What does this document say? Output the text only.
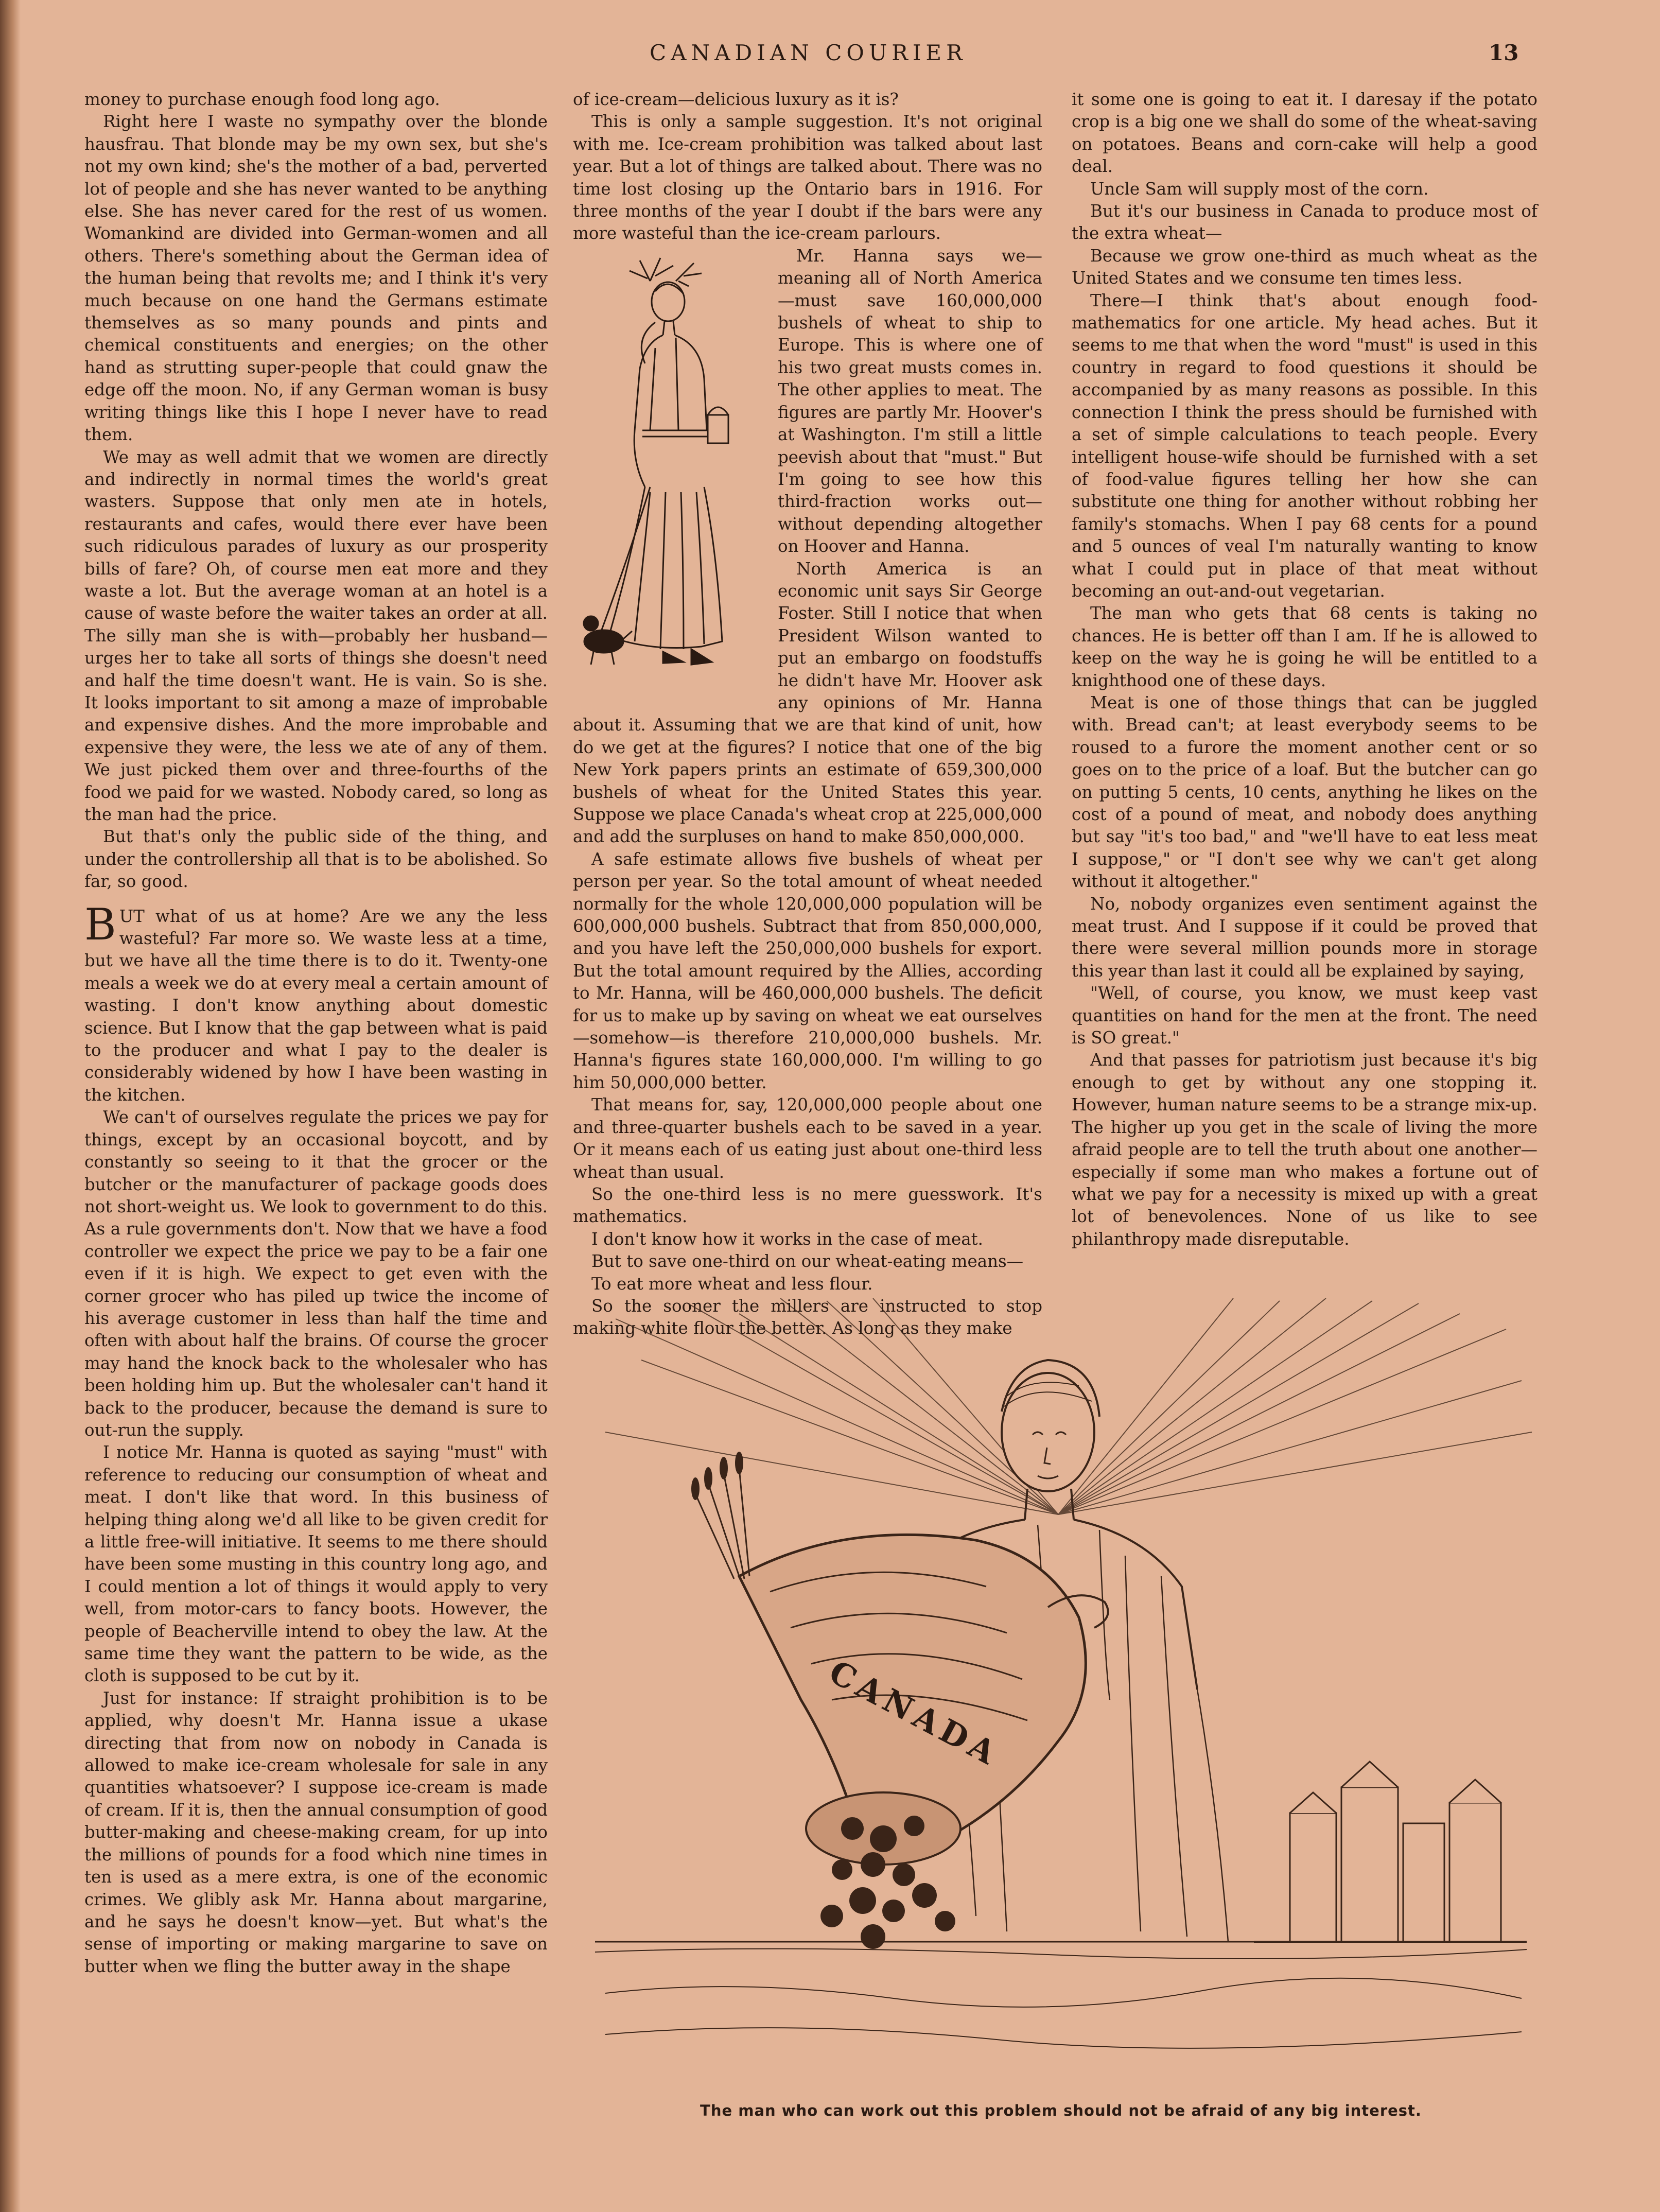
CANADIAN COURIER	13

money to purchase enough food long ago.

Right here I waste no sympathy over the blonde hausfrau. That blonde may be my own sex, but she's not my own kind; she's the mother of a bad, perverted lot of people and she has never wanted to be anything else. She has never cared for the rest of us women. Womankind are divided into German-women and all others. There's something about the German idea of the human being that revolts me; and I think it's very much because on one hand the Germans estimate themselves as so many pounds and pints and chemical constituents and energies; on the other hand as strutting super-people that could gnaw the edge off the moon. No, if any German woman is busy writing things like this I hope I never have to read them.

We may as well admit that we women are directly and indirectly in normal times the world's great wasters. Suppose that only men ate in hotels, restaurants and cafes, would there ever have been such ridiculous parades of luxury as our prosperity bills of fare? Oh, of course men eat more and they waste a lot. But the average woman at an hotel is a cause of waste before the waiter takes an order at all. The silly man she is with—probably her husband—urges her to take all sorts of things she doesn't need and half the time doesn't want. He is vain. So is she. It looks important to sit among a maze of improbable and expensive dishes. And the more improbable and expensive they were, the less we ate of any of them. We just picked them over and three-fourths of the food we paid for we wasted. Nobody cared, so long as the man had the price.

But that's only the public side of the thing, and under the controllership all that is to be abolished. So far, so good.

BUT what of us at home? Are we any the less wasteful? Far more so. We waste less at a time, but we have all the time there is to do it. Twenty-one meals a week we do at every meal a certain amount of wasting. I don't know anything about domestic science. But I know that the gap between what is paid to the producer and what I pay to the dealer is considerably widened by how I have been wasting in the kitchen.

We can't of ourselves regulate the prices we pay for things, except by an occasional boycott, and by constantly so seeing to it that the grocer or the butcher or the manufacturer of package goods does not short-weight us. We look to government to do this. As a rule governments don't. Now that we have a food controller we expect the price we pay to be a fair one even if it is high. We expect to get even with the corner grocer who has piled up twice the income of his average customer in less than half the time and often with about half the brains. Of course the grocer may hand the knock back to the wholesaler who has been holding him up. But the wholesaler can't hand it back to the producer, because the demand is sure to out-run the supply.

I notice Mr. Hanna is quoted as saying "must" with reference to reducing our consumption of wheat and meat. I don't like that word. In this business of helping thing along we'd all like to be given credit for a little free-will initiative. It seems to me there should have been some musting in this country long ago, and I could mention a lot of things it would apply to very well, from motor-cars to fancy boots. However, the people of Beacherville intend to obey the law. At the same time they want the pattern to be wide, as the cloth is supposed to be cut by it.

Just for instance: If straight prohibition is to be applied, why doesn't Mr. Hanna issue a ukase directing that from now on nobody in Canada is allowed to make ice-cream wholesale for sale in any quantities whatsoever? I suppose ice-cream is made of cream. If it is, then the annual consumption of good butter-making and cheese-making cream, for up into the millions of pounds for a food which nine times in ten is used as a mere extra, is one of the economic crimes. We glibly ask Mr. Hanna about margarine, and he says he doesn't know—yet. But what's the sense of importing or making margarine to save on butter when we fling the butter away in the shape

of ice-cream—delicious luxury as it is?

This is only a sample suggestion. It's not original with me. Ice-cream prohibition was talked about last year. But a lot of things are talked about. There was no time lost closing up the Ontario bars in 1916. For three months of the year I doubt if the bars were any more wasteful than the ice-cream parlours.

Mr. Hanna says we—meaning all of North America—must save 160,000,000 bushels of wheat to ship to Europe. This is where one of his two great musts comes in. The other applies to meat. The figures are partly Mr. Hoover's at Washington. I'm still a little peevish about that "must." But I'm going to see how this third-fraction works out—without depending altogether on Hoover and Hanna.

North America is an economic unit says Sir George Foster. Still I notice that when President Wilson wanted to put an embargo on foodstuffs he didn't have Mr. Hoover ask any opinions of Mr. Hanna about it. Assuming that we are that kind of unit, how do we get at the figures? I notice that one of the big New York papers prints an estimate of 659,300,000 bushels of wheat for the United States this year. Suppose we place Canada's wheat crop at 225,000,000 and add the surpluses on hand to make 850,000,000.

A safe estimate allows five bushels of wheat per person per year. So the total amount of wheat needed normally for the whole 120,000,000 population will be 600,000,000 bushels. Subtract that from 850,000,000, and you have left the 250,000,000 bushels for export. But the total amount required by the Allies, according to Mr. Hanna, will be 460,000,000 bushels. The deficit for us to make up by saving on wheat we eat ourselves—somehow—is therefore 210,000,000 bushels. Mr. Hanna's figures state 160,000,000. I'm willing to go him 50,000,000 better.

That means for, say, 120,000,000 people about one and three-quarter bushels each to be saved in a year. Or it means each of us eating just about one-third less wheat than usual.

So the one-third less is no mere guesswork. It's mathematics.

I don't know how it works in the case of meat.

But to save one-third on our wheat-eating means—

To eat more wheat and less flour.

So the sooner the millers are instructed to stop making white flour the better. As long as they make

it some one is going to eat it. I daresay if the potato crop is a big one we shall do some of the wheat-saving on potatoes. Beans and corn-cake will help a good deal.

Uncle Sam will supply most of the corn.

But it's our business in Canada to produce most of the extra wheat—

Because we grow one-third as much wheat as the United States and we consume ten times less.

There—I think that's about enough food-mathematics for one article. My head aches. But it seems to me that when the word "must" is used in this country in regard to food questions it should be accompanied by as many reasons as possible. In this connection I think the press should be furnished with a set of simple calculations to teach people. Every intelligent house-wife should be furnished with a set of food-value figures telling her how she can substitute one thing for another without robbing her family's stomachs. When I pay 68 cents for a pound and 5 ounces of veal I'm naturally wanting to know what I could put in place of that meat without becoming an out-and-out vegetarian.

The man who gets that 68 cents is taking no chances. He is better off than I am. If he is allowed to keep on the way he is going he will be entitled to a knighthood one of these days.

Meat is one of those things that can be juggled with. Bread can't; at least everybody seems to be roused to a furore the moment another cent or so goes on to the price of a loaf. But the butcher can go on putting 5 cents, 10 cents, anything he likes on the cost of a pound of meat, and nobody does anything but say "it's too bad," and "we'll have to eat less meat I suppose," or "I don't see why we can't get along without it altogether."

No, nobody organizes even sentiment against the meat trust. And I suppose if it could be proved that there were several million pounds more in storage this year than last it could all be explained by saying,

"Well, of course, you know, we must keep vast quantities on hand for the men at the front. The need is SO great."

And that passes for patriotism just because it's big enough to get by without any one stopping it. However, human nature seems to be a strange mix-up. The higher up you get in the scale of living the more afraid people are to tell the truth about one another—especially if some man who makes a fortune out of what we pay for a necessity is mixed up with a great lot of benevolences. None of us like to see philanthropy made disreputable.

CANADA
The man who can work out this problem should not be afraid of any big interest.
